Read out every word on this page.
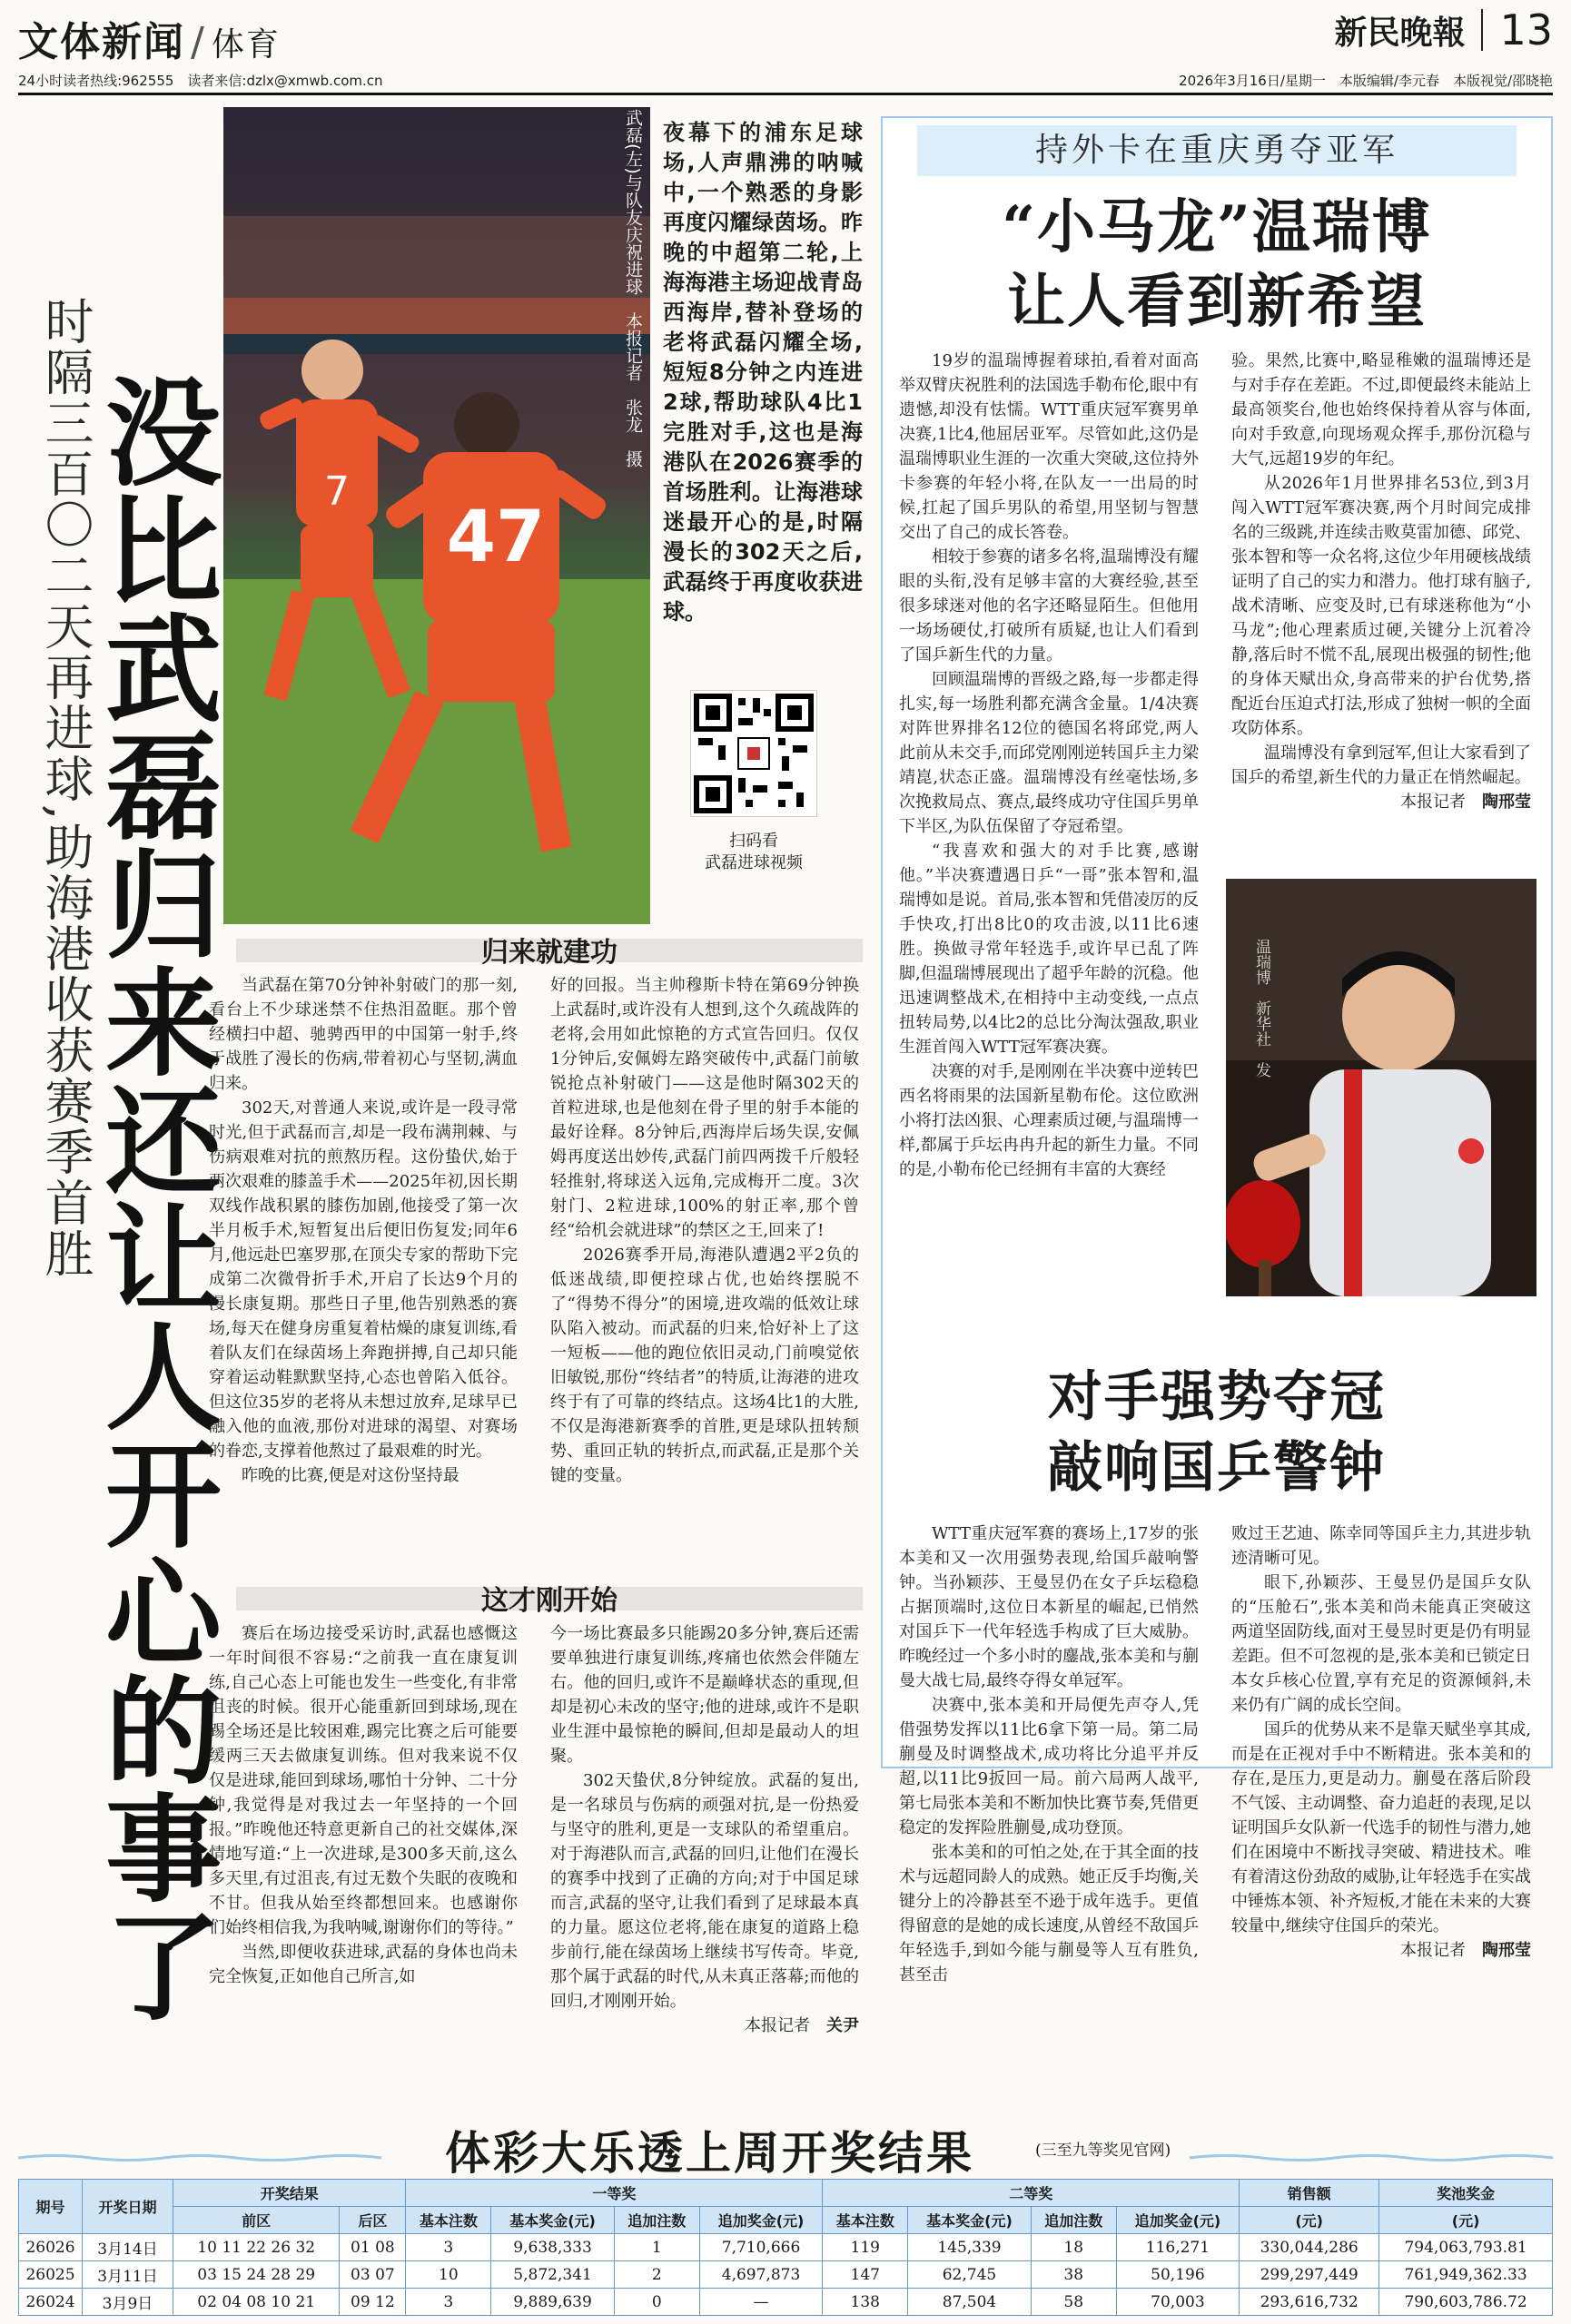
文体新闻 / 体育	新民晚報 13
24小时读者热线:962555　读者来信:dzlx@xmwb.com.cn	2026年3月16日/星期一　本版编辑/李元春　本版视觉/邵晓艳
时隔三百〇二天再进球,助海港收获赛季首胜
没比武磊归来还让人开心的事了	7
47
武磊(左)与队友庆祝进球　本报记者　张龙　摄 夜幕下的浦东足球场,人声鼎沸的呐喊中,一个熟悉的身影再度闪耀绿茵场。昨晚的中超第二轮,上海海港主场迎战青岛西海岸,替补登场的老将武磊闪耀全场,短短8分钟之内连进2球,帮助球队4比1完胜对手,这也是海港队在2026赛季的首场胜利。让海港球迷最开心的是,时隔漫长的302天之后,武磊终于再度收获进球。
扫码看
武磊进球视频
归来就建功

当武磊在第70分钟补射破门的那一刻,看台上不少球迷禁不住热泪盈眶。那个曾经横扫中超、驰骋西甲的中国第一射手,终于战胜了漫长的伤病,带着初心与坚韧,满血归来。

302天,对普通人来说,或许是一段寻常时光,但于武磊而言,却是一段布满荆棘、与伤病艰难对抗的煎熬历程。这份蛰伏,始于两次艰难的膝盖手术——2025年初,因长期双线作战积累的膝伤加剧,他接受了第一次半月板手术,短暂复出后便旧伤复发;同年6月,他远赴巴塞罗那,在顶尖专家的帮助下完成第二次微骨折手术,开启了长达9个月的漫长康复期。那些日子里,他告别熟悉的赛场,每天在健身房重复着枯燥的康复训练,看着队友们在绿茵场上奔跑拼搏,自己却只能穿着运动鞋默默坚持,心态也曾陷入低谷。但这位35岁的老将从未想过放弃,足球早已融入他的血液,那份对进球的渴望、对赛场的眷恋,支撑着他熬过了最艰难的时光。

昨晚的比赛,便是对这份坚持最

好的回报。当主帅穆斯卡特在第69分钟换上武磊时,或许没有人想到,这个久疏战阵的老将,会用如此惊艳的方式宣告回归。仅仅1分钟后,安佩姆左路突破传中,武磊门前敏锐抢点补射破门——这是他时隔302天的首粒进球,也是他刻在骨子里的射手本能的最好诠释。8分钟后,西海岸后场失误,安佩姆再度送出妙传,武磊门前四两拨千斤般轻轻推射,将球送入远角,完成梅开二度。3次射门、2粒进球,100%的射正率,那个曾经“给机会就进球”的禁区之王,回来了!

2026赛季开局,海港队遭遇2平2负的低迷战绩,即便控球占优,也始终摆脱不了“得势不得分”的困境,进攻端的低效让球队陷入被动。而武磊的归来,恰好补上了这一短板——他的跑位依旧灵动,门前嗅觉依旧敏锐,那份“终结者”的特质,让海港的进攻终于有了可靠的终结点。这场4比1的大胜,不仅是海港新赛季的首胜,更是球队扭转颓势、重回正轨的转折点,而武磊,正是那个关键的变量。

这才刚开始

赛后在场边接受采访时,武磊也感慨这一年时间很不容易:“之前我一直在康复训练,自己心态上可能也发生一些变化,有非常沮丧的时候。很开心能重新回到球场,现在踢全场还是比较困难,踢完比赛之后可能要缓两三天去做康复训练。但对我来说不仅仅是进球,能回到球场,哪怕十分钟、二十分钟,我觉得是对我过去一年坚持的一个回报。”昨晚他还特意更新自己的社交媒体,深情地写道:“上一次进球,是300多天前,这么多天里,有过沮丧,有过无数个失眠的夜晚和不甘。但我从始至终都想回来。也感谢你们始终相信我,为我呐喊,谢谢你们的等待。”

当然,即便收获进球,武磊的身体也尚未完全恢复,正如他自己所言,如

今一场比赛最多只能踢20多分钟,赛后还需要单独进行康复训练,疼痛也依然会伴随左右。他的回归,或许不是巅峰状态的重现,但却是初心未改的坚守;他的进球,或许不是职业生涯中最惊艳的瞬间,但却是最动人的坦聚。

302天蛰伏,8分钟绽放。武磊的复出,是一名球员与伤病的顽强对抗,是一份热爱与坚守的胜利,更是一支球队的希望重启。对于海港队而言,武磊的回归,让他们在漫长的赛季中找到了正确的方向;对于中国足球而言,武磊的坚守,让我们看到了足球最本真的力量。愿这位老将,能在康复的道路上稳步前行,能在绿茵场上继续书写传奇。毕竟,那个属于武磊的时代,从未真正落幕;而他的回归,才刚刚开始。

本报记者　 关尹

持外卡在重庆勇夺亚军
“小马龙”温瑞博
让人看到新希望

19岁的温瑞博握着球拍,看着对面高举双臂庆祝胜利的法国选手勒布伦,眼中有遗憾,却没有怯懦。WTT重庆冠军赛男单决赛,1比4,他屈居亚军。尽管如此,这仍是温瑞博职业生涯的一次重大突破,这位持外卡参赛的年轻小将,在队友一一出局的时候,扛起了国乒男队的希望,用坚韧与智慧交出了自己的成长答卷。

相较于参赛的诸多名将,温瑞博没有耀眼的头衔,没有足够丰富的大赛经验,甚至很多球迷对他的名字还略显陌生。但他用一场场硬仗,打破所有质疑,也让人们看到了国乒新生代的力量。

回顾温瑞博的晋级之路,每一步都走得扎实,每一场胜利都充满含金量。1/4决赛对阵世界排名12位的德国名将邱党,两人此前从未交手,而邱党刚刚逆转国乒主力梁靖崑,状态正盛。温瑞博没有丝毫怯场,多次挽救局点、赛点,最终成功守住国乒男单下半区,为队伍保留了夺冠希望。

“我喜欢和强大的对手比赛,感谢他。”半决赛遭遇日乒“一哥”张本智和,温瑞博如是说。首局,张本智和凭借凌厉的反手快攻,打出8比0的攻击波,以11比6速胜。换做寻常年轻选手,或许早已乱了阵脚,但温瑞博展现出了超乎年龄的沉稳。他迅速调整战术,在相持中主动变线,一点点扭转局势,以4比2的总比分淘汰强敌,职业生涯首闯入WTT冠军赛决赛。

决赛的对手,是刚刚在半决赛中逆转巴西名将雨果的法国新星勒布伦。这位欧洲小将打法凶狠、心理素质过硬,与温瑞博一样,都属于乒坛冉冉升起的新生力量。不同的是,小勒布伦已经拥有丰富的大赛经

验。果然,比赛中,略显稚嫩的温瑞博还是与对手存在差距。不过,即便最终未能站上最高领奖台,他也始终保持着从容与体面,向对手致意,向现场观众挥手,那份沉稳与大气,远超19岁的年纪。

从2026年1月世界排名53位,到3月闯入WTT冠军赛决赛,两个月时间完成排名的三级跳,并连续击败莫雷加德、邱党、张本智和等一众名将,这位少年用硬核战绩证明了自己的实力和潜力。他打球有脑子,战术清晰、应变及时,已有球迷称他为“小马龙”;他心理素质过硬,关键分上沉着冷静,落后时不慌不乱,展现出极强的韧性;他的身体天赋出众,身高带来的护台优势,搭配近台压迫式打法,形成了独树一帜的全面攻防体系。

温瑞博没有拿到冠军,但让大家看到了国乒的希望,新生代的力量正在悄然崛起。

本报记者　 陶邢莹

温瑞博　新华社　发
对手强势夺冠
敲响国乒警钟

WTT重庆冠军赛的赛场上,17岁的张本美和又一次用强势表现,给国乒敲响警钟。当孙颖莎、王曼昱仍在女子乒坛稳稳占据顶端时,这位日本新星的崛起,已悄然对国乒下一代年轻选手构成了巨大威胁。昨晚经过一个多小时的鏖战,张本美和与蒯曼大战七局,最终夺得女单冠军。

决赛中,张本美和开局便先声夺人,凭借强势发挥以11比6拿下第一局。第二局蒯曼及时调整战术,成功将比分追平并反超,以11比9扳回一局。前六局两人战平,第七局张本美和不断加快比赛节奏,凭借更稳定的发挥险胜蒯曼,成功登顶。

张本美和的可怕之处,在于其全面的技术与远超同龄人的成熟。她正反手均衡,关键分上的冷静甚至不逊于成年选手。更值得留意的是她的成长速度,从曾经不敌国乒年轻选手,到如今能与蒯曼等人互有胜负,甚至击

败过王艺迪、陈幸同等国乒主力,其进步轨迹清晰可见。

眼下,孙颖莎、王曼昱仍是国乒女队的“压舱石”,张本美和尚未能真正突破这两道坚固防线,面对王曼昱时更是仍有明显差距。但不可忽视的是,张本美和已锁定日本女乒核心位置,享有充足的资源倾斜,未来仍有广阔的成长空间。

国乒的优势从来不是靠天赋坐享其成,而是在正视对手中不断精进。张本美和的存在,是压力,更是动力。蒯曼在落后阶段不气馁、主动调整、奋力追赶的表现,足以证明国乒女队新一代选手的韧性与潜力,她们在困境中不断找寻突破、精进技术。唯有着清这份劲敌的威胁,让年轻选手在实战中锤炼本领、补齐短板,才能在未来的大赛较量中,继续守住国乒的荣光。

本报记者　 陶邢莹

体彩大乐透上周开奖结果	(三至九等奖见官网)
期号	开奖日期	开奖结果		一等奖				二等奖				销售额	奖池奖金
		前区	后区	基本注数	基本奖金(元)	追加注数	追加奖金(元)	基本注数	基本奖金(元)	追加注数	追加奖金(元)	(元)	(元)
26026	3月14日	10 11 22 26 32	01 08	3	9,638,333	1	7,710,666	119	145,339	18	116,271	330,044,286	794,063,793.81
26025	3月11日	03 15 24 28 29	03 07	10	5,872,341	2	4,697,873	147	62,745	38	50,196	299,297,449	761,949,362.33
26024	3月9日	02 04 08 10 21	09 12	3	9,889,639	0	—	138	87,504	58	70,003	293,616,732	790,603,786.72
